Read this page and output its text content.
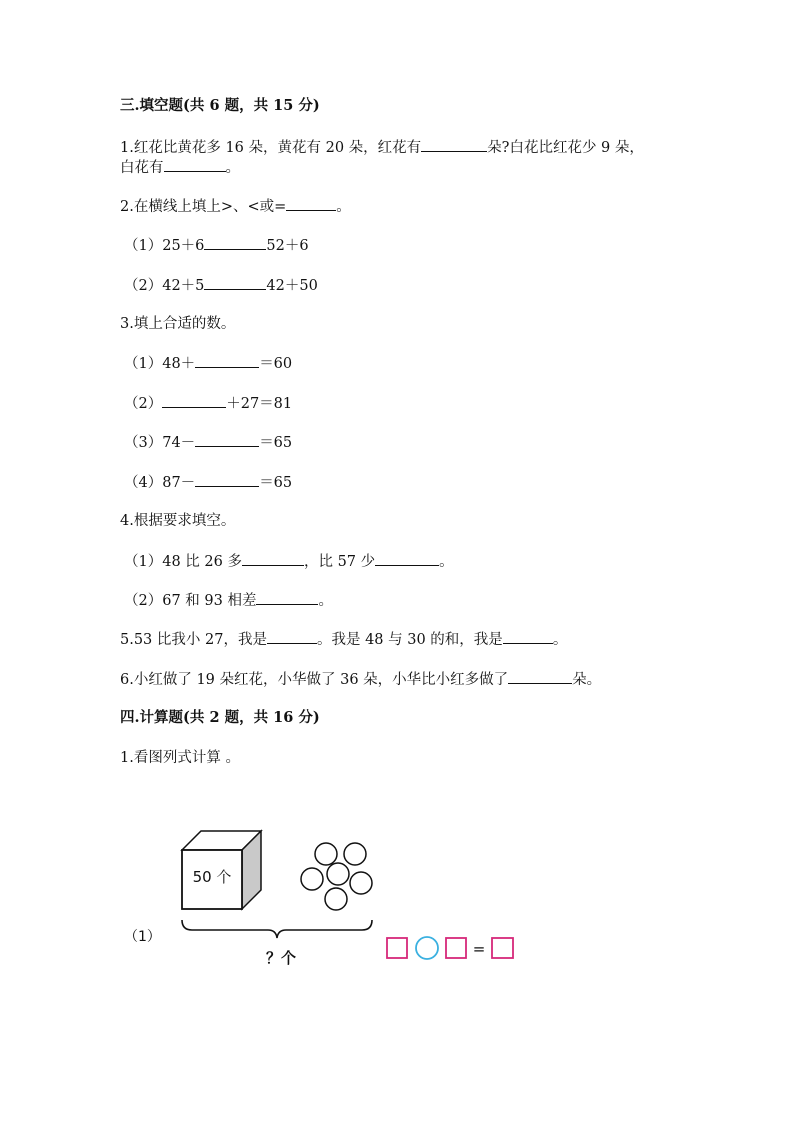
三.填空题(共 6 题，共 15 分)
1.红花比黄花多 16 朵，黄花有 20 朵，红花有	朵?白花比红花少 9 朵，
白花有	。
2.在横线上填上>、<或=	。
（1）25＋6	52＋6
（2）42＋5	42＋50
3.填上合适的数。
（1）48＋	＝60
（2）	＋27＝81
（3）74－	＝65
（4）87－	＝65
4.根据要求填空。
（1）48 比 26 多	，比 57 少	。
（2）67 和 93 相差	。
5.53 比我小 27，我是	。我是 48 与 30 的和，我是	。
6.小红做了 19 朵红花，小华做了 36 朵，小华比小红多做了	朵。
四.计算题(共 2 题，共 16 分)
1.看图列式计算 。
50 个
（1）
？个	=
